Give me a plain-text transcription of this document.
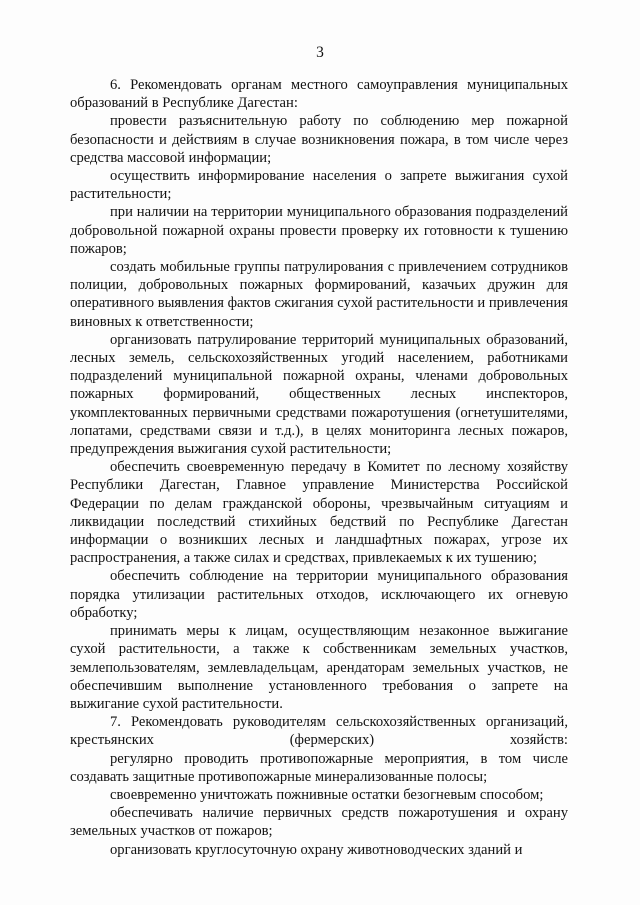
3

6. Рекомендовать органам местного самоуправления муниципальных образований в Республике Дагестан:

провести разъяснительную работу по соблюдению мер пожарной безопасности и действиям в случае возникновения пожара, в том числе через средства массовой информации;

осуществить информирование населения о запрете выжигания сухой растительности;

при наличии на территории муниципального образования подразделений добровольной пожарной охраны провести проверку их готовности к тушению пожаров;

создать мобильные группы патрулирования с привлечением сотрудников полиции, добровольных пожарных формирований, казачьих дружин для оперативного выявления фактов сжигания сухой растительности и привлечения виновных к ответственности;

организовать патрулирование территорий муниципальных образований, лесных земель, сельскохозяйственных угодий населением, работниками подразделений муниципальной пожарной охраны, членами добровольных пожарных формирований, общественных лесных инспекторов, укомплектованных первичными средствами пожаротушения (огнетушителями, лопатами, средствами связи и т.д.), в целях мониторинга лесных пожаров, предупреждения выжигания сухой растительности;

обеспечить своевременную передачу в Комитет по лесному хозяйству Республики Дагестан, Главное управление Министерства Российской Федерации по делам гражданской обороны, чрезвычайным ситуациям и ликвидации последствий стихийных бедствий по Республике Дагестан информации о возникших лесных и ландшафтных пожарах, угрозе их распространения, а также силах и средствах, привлекаемых к их тушению;

обеспечить соблюдение на территории муниципального образования порядка утилизации растительных отходов, исключающего их огневую обработку;

принимать меры к лицам, осуществляющим незаконное выжигание сухой растительности, а также к собственникам земельных участков, землепользователям, землевладельцам, арендаторам земельных участков, не обеспечившим выполнение установленного требования о запрете на выжигание сухой растительности.

7. Рекомендовать руководителям сельскохозяйственных организаций, крестьянских (фермерских) хозяйств:

регулярно проводить противопожарные мероприятия, в том числе создавать защитные противопожарные минерализованные полосы;

своевременно уничтожать пожнивные остатки безогневым способом;

обеспечивать наличие первичных средств пожаротушения и охрану земельных участков от пожаров;

организовать круглосуточную охрану животноводческих зданий и
